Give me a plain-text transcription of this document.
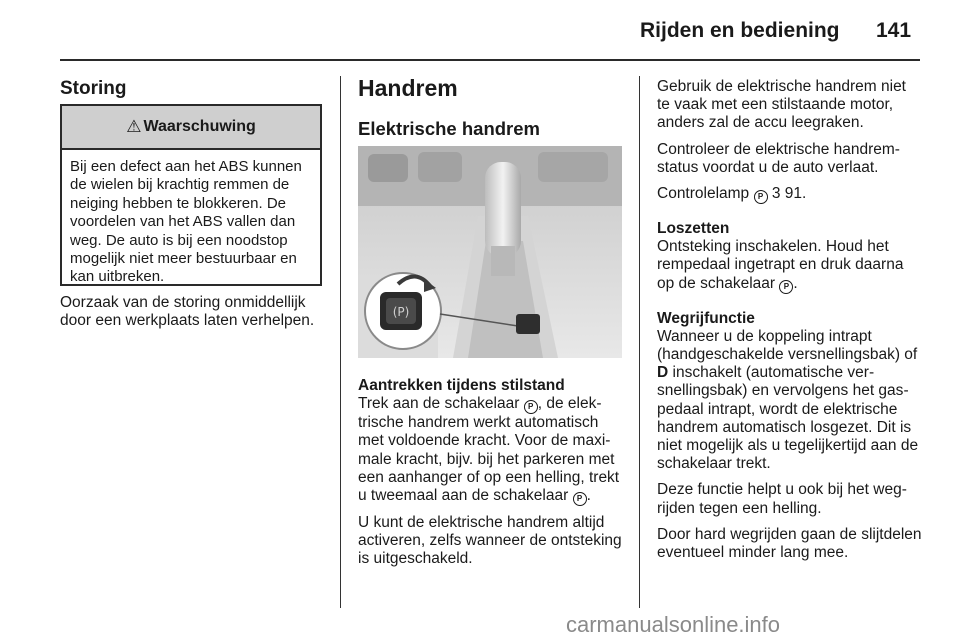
Rijden en bediening 141
Storing
⚠ Waarschuwing
Bij een defect aan het ABS kunnen de wielen bij krachtig remmen de neiging hebben te blokkeren. De voordelen van het ABS vallen dan weg. De auto is bij een noodstop mogelijk niet meer bestuurbaar en kan uitbreken.

Oorzaak van de storing onmiddellijk door een werkplaats laten verhelpen.

Handrem
Elektrische handrem
(P)

Aantrekken tijdens stilstand

Trek aan de schakelaar P , de elektrische handrem werkt automatisch met voldoende kracht. Voor de maximale kracht, bijv. bij het parkeren met een aanhanger of op een helling, trekt u tweemaal aan de schakelaar P .

U kunt de elektrische handrem altijd activeren, zelfs wanneer de ontsteking is uitgeschakeld.

Gebruik de elektrische handrem niet te vaak met een stilstaande motor, anders zal de accu leegraken.

Controleer de elektrische handremstatus voordat u de auto verlaat.

Controlelamp P 3 91.

Loszetten

Ontsteking inschakelen. Houd het rempedaal ingetrapt en druk daarna op de schakelaar P .

Wegrijfunctie

Wanneer u de koppeling intrapt (handgeschakelde versnellingsbak) of D inschakelt (automatische versnellingsbak) en vervolgens het gaspedaal intrapt, wordt de elektrische handrem automatisch losgezet. Dit is niet mogelijk als u tegelijkertijd aan de schakelaar trekt.

Deze functie helpt u ook bij het wegrijden tegen een helling.

Door hard wegrijden gaan de slijtdelen eventueel minder lang mee.

carmanualsonline.info
